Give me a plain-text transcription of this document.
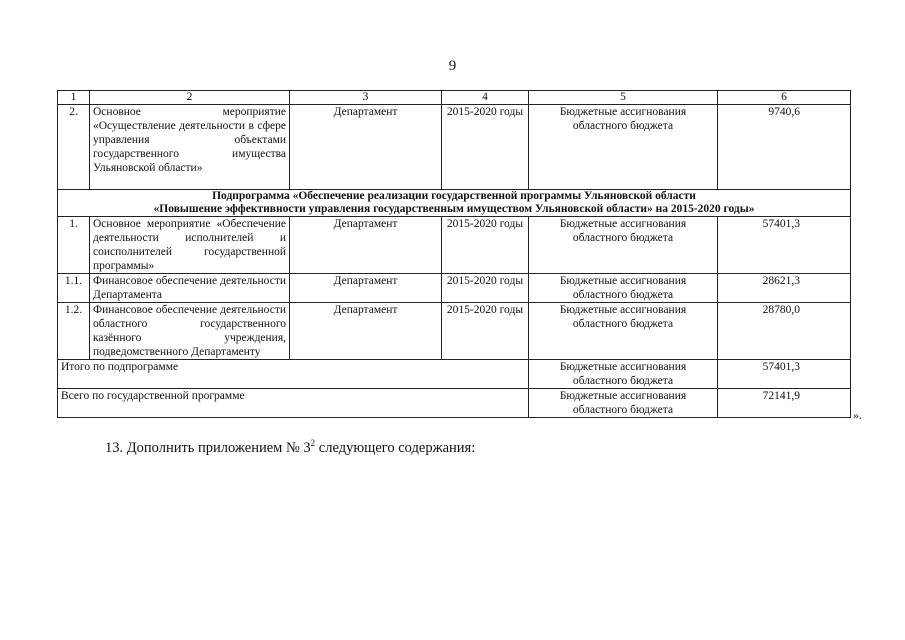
9
1	2	3	4	5	6
2.	Основное мероприятие «Осуществление деятельности в сфере управления объектами государственного имущества Ульяновской области»	Департамент	2015-2020 годы	Бюджетные ассигнования областного бюджета	9740,6

Подпрограмма «Обеспечение реализации государственной программы Ульяновской области
«Повышение эффективности управления государственным имуществом Ульяновской области» на 2015-2020 годы»					

1.	Основное мероприятие «Обеспечение деятельности исполнителей и соисполнителей государственной программы»	Департамент	2015-2020 годы	Бюджетные ассигнования областного бюджета	57401,3
1.1.	Финансовое обеспечение деятельности Департамента	Департамент	2015-2020 годы	Бюджетные ассигнования областного бюджета	28621,3
1.2.	Финансовое обеспечение деятельности областного государственного казённого учреждения, подведомственного Департаменту	Департамент	2015-2020 годы	Бюджетные ассигнования областного бюджета	28780,0
Итого по подпрограмме				Бюджетные ассигнования областного бюджета	57401,3
Всего по государственной программе				Бюджетные ассигнования областного бюджета	72141,9
».
13. Дополнить приложением № $3^2$ следующего содержания:
